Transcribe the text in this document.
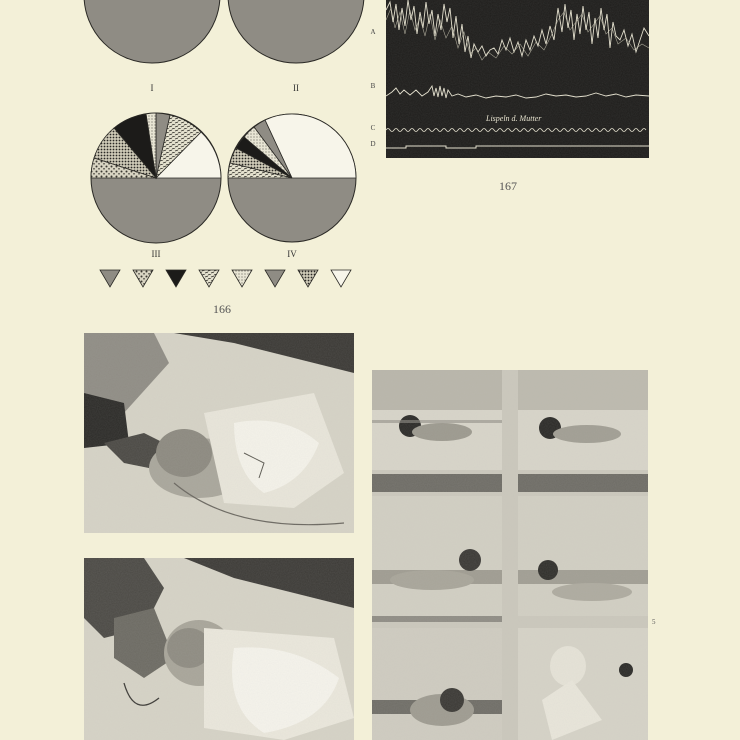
I	II
III	IV
166
Lispeln d. Mutter
A
B
C
D
167
5
